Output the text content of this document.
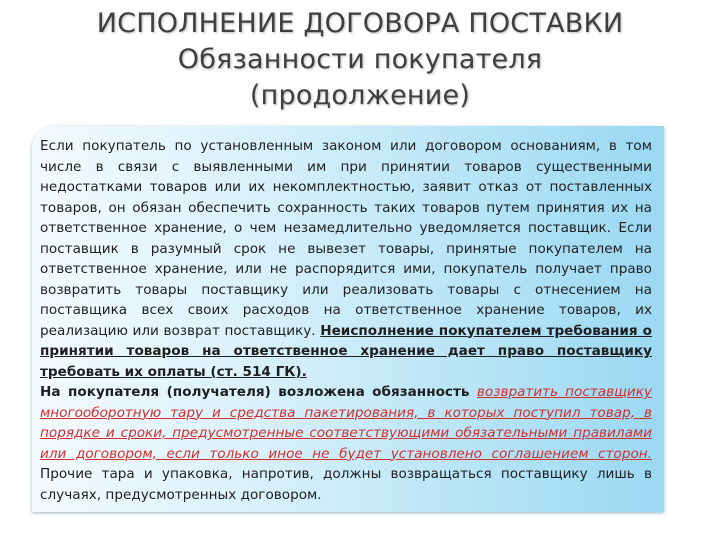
ИСПОЛНЕНИЕ ДОГОВОРА ПОСТАВКИ
Обязанности покупателя
(продолжение)
Если покупатель по установленным законом или договором основаниям, в том числе в связи с выявленными им при принятии товаров существенными недостатками товаров или их некомплектностью, заявит отказ от поставленных товаров, он обязан обеспечить сохранность таких товаров путем принятия их на ответственное хранение, о чем незамедлительно уведомляется поставщик. Если поставщик в разумный срок не вывезет товары, принятые покупателем на ответственное хранение, или не распорядится ими, покупатель получает право возвратить товары поставщику или реализовать товары с отнесением на поставщика всех своих расходов на ответственное хранение товаров, их реализацию или возврат поставщику. Неисполнение покупателем требования о принятии товаров на ответственное хранение дает право поставщику требовать их оплаты (ст. 514 ГК).
На покупателя (получателя) возложена обязанность возвратить поставщику многооборотную тару и средства пакетирования, в которых поступил товар, в порядке и сроки, предусмотренные соответствующими обязательными правилами или договором, если только иное не будет установлено соглашением сторон. Прочие тара и упаковка, напротив, должны возвращаться поставщику лишь в случаях, предусмотренных договором.
